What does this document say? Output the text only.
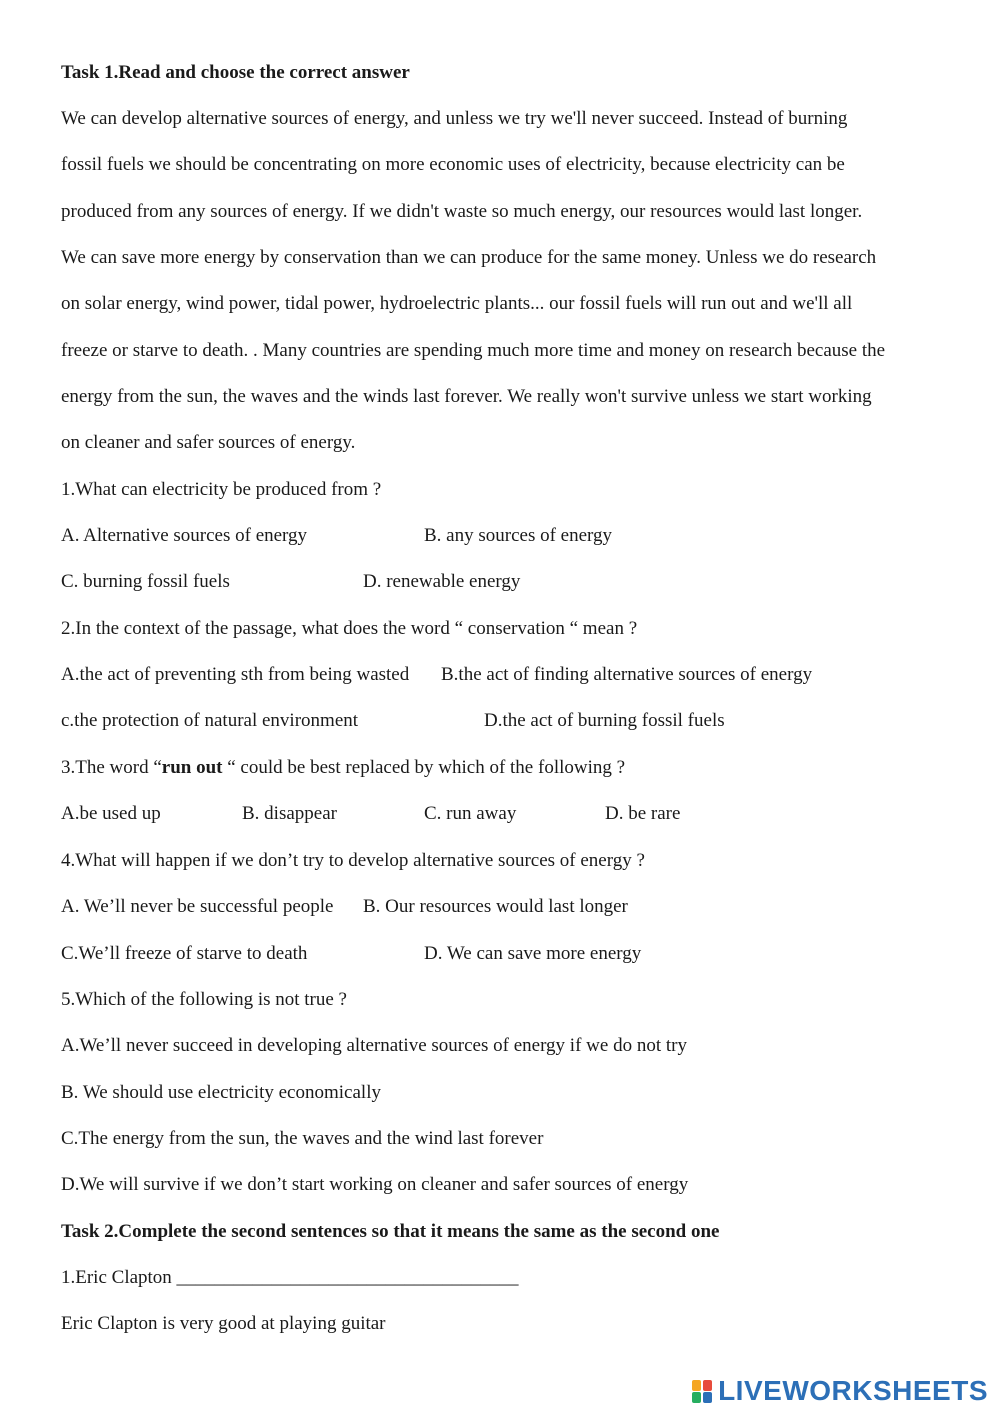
Task 1.Read and choose the correct answer
We can develop alternative sources of energy, and unless we try we'll never succeed. Instead of burning
fossil fuels we should be concentrating on more economic uses of electricity, because electricity can be
produced from any sources of energy. If we didn't waste so much energy, our resources would last longer.
We can save more energy by conservation than we can produce for the same money. Unless we do research
on solar energy, wind power, tidal power, hydroelectric plants... our fossil fuels will run out and we'll all
freeze or starve to death. . Many countries are spending much more time and money on research because the
energy from the sun, the waves and the winds last forever. We really won't survive unless we start working
on cleaner and safer sources of energy.
1.What can electricity be produced from ?
A. Alternative sources of energy	B. any sources of energy
C. burning fossil fuels	D. renewable energy
2.In the context of the passage, what does the word “ conservation “ mean ?
A.the act of preventing sth from being wasted B.the act of finding alternative sources of energy
c.the protection of natural environment	D.the act of burning fossil fuels
3.The word “run out “ could be best replaced by which of the following ?
A.be used up	B. disappear	C. run away	D. be rare
4.What will happen if we don’t try to develop alternative sources of energy ?
A. We’ll never be successful people B. Our resources would last longer
C.We’ll freeze of starve to death	D. We can save more energy
5.Which of the following is not true ?
A.We’ll never succeed in developing alternative sources of energy if we do not try
B. We should use electricity economically
C.The energy from the sun, the waves and the wind last forever
D.We will survive if we don’t start working on cleaner and safer sources of energy
Task 2.Complete the second sentences so that it means the same as the second one
1.Eric Clapton ____________________________________
Eric Clapton is very good at playing guitar
LIVEWORKSHEETS
